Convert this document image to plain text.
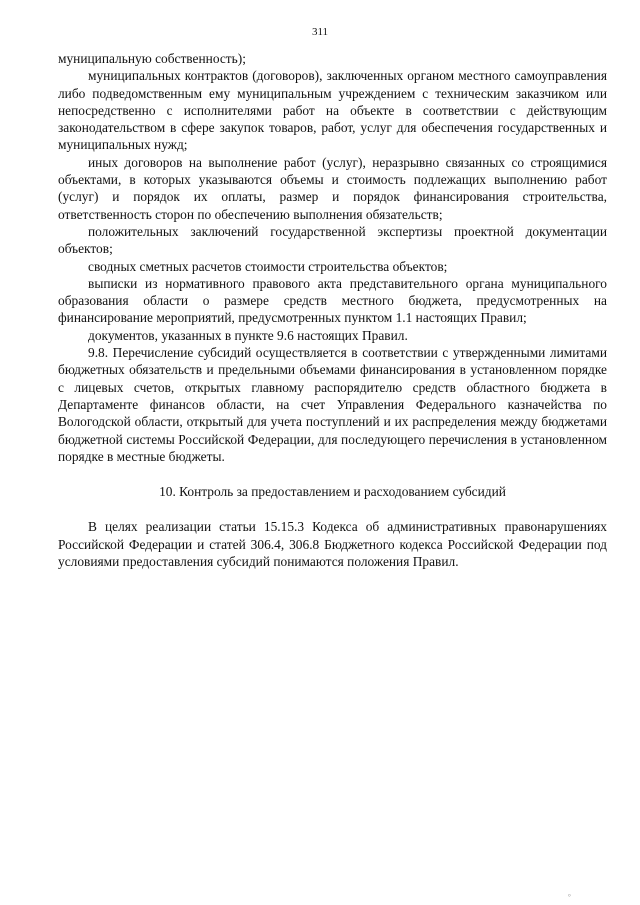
311

муниципальную собственность);

муниципальных контрактов (договоров), заключенных органом местного самоуправления либо подведомственным ему муниципальным учреждением с техническим заказчиком или непосредственно с исполнителями работ на объекте в соответствии с действующим законодательством в сфере закупок товаров, работ, услуг для обеспечения государственных и муниципальных нужд;

иных договоров на выполнение работ (услуг), неразрывно связанных со строящимися объектами, в которых указываются объемы и стоимость подлежащих выполнению работ (услуг) и порядок их оплаты, размер и порядок финансирования строительства, ответственность сторон по обеспечению выполнения обязательств;

положительных заключений государственной экспертизы проектной документации объектов;

сводных сметных расчетов стоимости строительства объектов;

выписки из нормативного правового акта представительного органа муниципального образования области о размере средств местного бюджета, предусмотренных на финансирование мероприятий, предусмотренных пунктом 1.1 настоящих Правил;

документов, указанных в пункте 9.6 настоящих Правил.

9.8. Перечисление субсидий осуществляется в соответствии с утвержденными лимитами бюджетных обязательств и предельными объемами финансирования в установленном порядке с лицевых счетов, открытых главному распорядителю средств областного бюджета в Департаменте финансов области, на счет Управления Федерального казначейства по Вологодской области, открытый для учета поступлений и их распределения между бюджетами бюджетной системы Российской Федерации, для последующего перечисления в установленном порядке в местные бюджеты.

10. Контроль за предоставлением и расходованием субсидий

В целях реализации статьи 15.15.3 Кодекса об административных правонарушениях Российской Федерации и статей 306.4, 306.8 Бюджетного кодекса Российской Федерации под условиями предоставления субсидий понимаются положения Правил.

°
